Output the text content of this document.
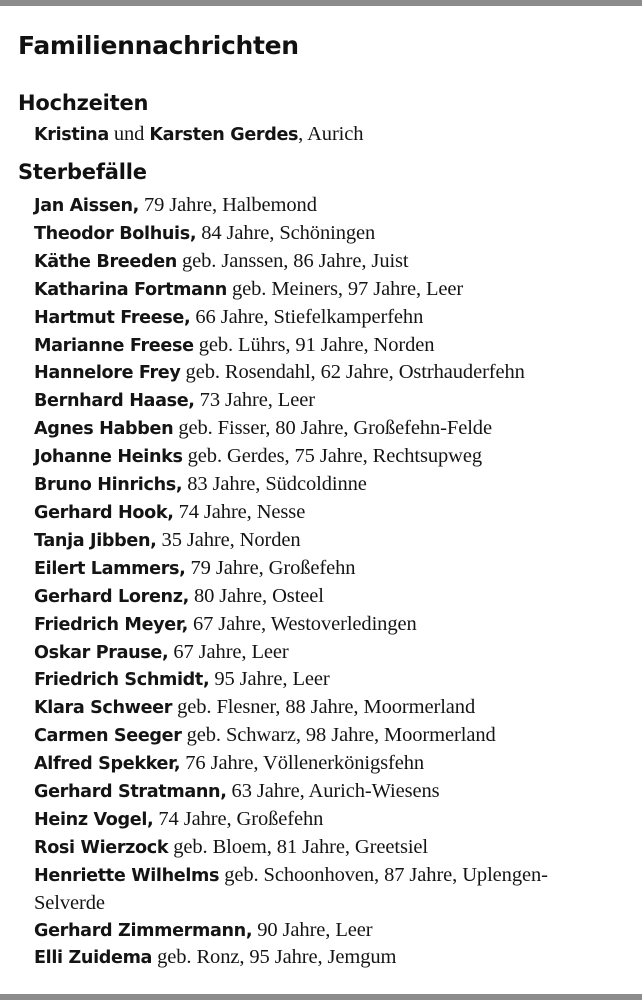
Familiennachrichten
Hochzeiten
Kristina und Karsten Gerdes, Aurich
Sterbefälle
Jan Aissen, 79 Jahre, Halbemond
Theodor Bolhuis, 84 Jahre, Schöningen
Käthe Breeden geb. Janssen, 86 Jahre, Juist
Katharina Fortmann geb. Meiners, 97 Jahre, Leer
Hartmut Freese, 66 Jahre, Stiefelkamperfehn
Marianne Freese geb. Lührs, 91 Jahre, Norden
Hannelore Frey geb. Rosendahl, 62 Jahre, Ostrhauderfehn
Bernhard Haase, 73 Jahre, Leer
Agnes Habben geb. Fisser, 80 Jahre, Großefehn-Felde
Johanne Heinks geb. Gerdes, 75 Jahre, Rechtsupweg
Bruno Hinrichs, 83 Jahre, Südcoldinne
Gerhard Hook, 74 Jahre, Nesse
Tanja Jibben, 35 Jahre, Norden
Eilert Lammers, 79 Jahre, Großefehn
Gerhard Lorenz, 80 Jahre, Osteel
Friedrich Meyer, 67 Jahre, Westoverledingen
Oskar Prause, 67 Jahre, Leer
Friedrich Schmidt, 95 Jahre, Leer
Klara Schweer geb. Flesner, 88 Jahre, Moormerland
Carmen Seeger geb. Schwarz, 98 Jahre, Moormerland
Alfred Spekker, 76 Jahre, Völlenerkönigsfehn
Gerhard Stratmann, 63 Jahre, Aurich-Wiesens
Heinz Vogel, 74 Jahre, Großefehn
Rosi Wierzock geb. Bloem, 81 Jahre, Greetsiel
Henriette Wilhelms geb. Schoonhoven, 87 Jahre, Uplengen-Selverde
Gerhard Zimmermann, 90 Jahre, Leer
Elli Zuidema geb. Ronz, 95 Jahre, Jemgum
